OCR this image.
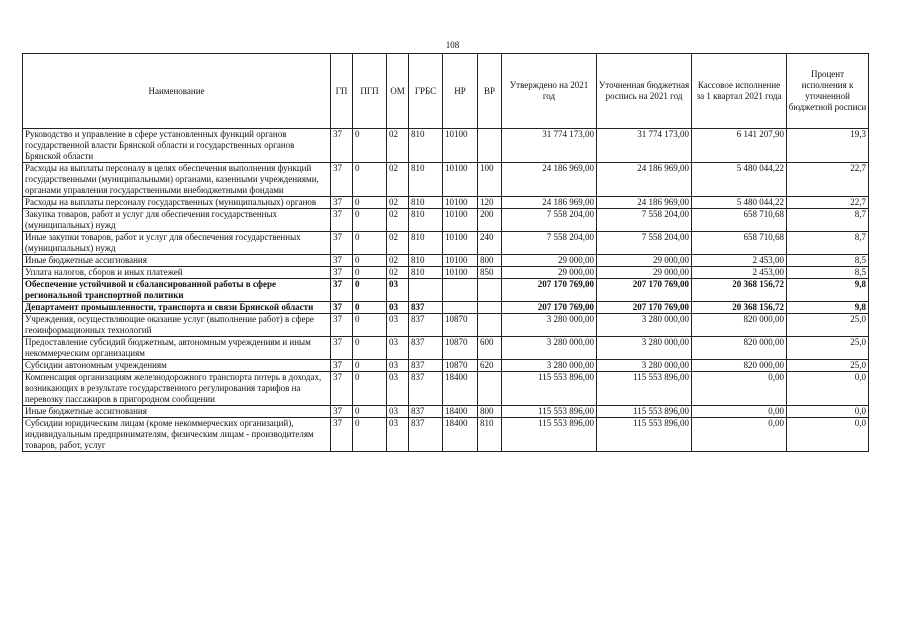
108
Наименование	ГП	ПГП	ОМ	ГРБС	НР	ВР	Утверждено на 2021 год	Уточненная бюджетная роспись на 2021 год	Кассовое исполнение за 1 квартал 2021 года	Процент исполнения к уточненной бюджетной росписи
Руководство и управление в сфере установленных функций органов государственной власти Брянской области и государственных органов Брянской области	37	0	02	810	10100		31 774 173,00	31 774 173,00	6 141 207,90	19,3
Расходы на выплаты персоналу в целях обеспечения выполнения функций государственными (муниципальными) органами, казенными учреждениями, органами управления государственными внебюджетными фондами	37	0	02	810	10100	100	24 186 969,00	24 186 969,00	5 480 044,22	22,7
Расходы на выплаты персоналу государственных (муниципальных) органов	37	0	02	810	10100	120	24 186 969,00	24 186 969,00	5 480 044,22	22,7
Закупка товаров, работ и услуг для обеспечения государственных (муниципальных) нужд	37	0	02	810	10100	200	7 558 204,00	7 558 204,00	658 710,68	8,7
Иные закупки товаров, работ и услуг для обеспечения государственных (муниципальных) нужд	37	0	02	810	10100	240	7 558 204,00	7 558 204,00	658 710,68	8,7
Иные бюджетные ассигнования	37	0	02	810	10100	800	29 000,00	29 000,00	2 453,00	8,5
Уплата налогов, сборов и иных платежей	37	0	02	810	10100	850	29 000,00	29 000,00	2 453,00	8,5
Обеспечение устойчивой и сбалансированной работы в сфере региональной транспортной политики	37	0	03				207 170 769,00	207 170 769,00	20 368 156,72	9,8
Департамент промышленности, транспорта и связи Брянской области	37	0	03	837			207 170 769,00	207 170 769,00	20 368 156,72	9,8
Учреждения, осуществляющие оказание услуг (выполнение работ) в сфере геоинформационных технологий	37	0	03	837	10870		3 280 000,00	3 280 000,00	820 000,00	25,0
Предоставление субсидий бюджетным, автономным учреждениям и иным некоммерческим организациям	37	0	03	837	10870	600	3 280 000,00	3 280 000,00	820 000,00	25,0
Субсидии автономным учреждениям	37	0	03	837	10870	620	3 280 000,00	3 280 000,00	820 000,00	25,0
Компенсация организациям железнодорожного транспорта потерь в доходах, возникающих в результате государственного регулирования тарифов на перевозку пассажиров в пригородном сообщении	37	0	03	837	18400		115 553 896,00	115 553 896,00	0,00	0,0
Иные бюджетные ассигнования	37	0	03	837	18400	800	115 553 896,00	115 553 896,00	0,00	0,0
Субсидии юридическим лицам (кроме некоммерческих организаций), индивидуальным предпринимателям, физическим лицам - производителям товаров, работ, услуг	37	0	03	837	18400	810	115 553 896,00	115 553 896,00	0,00	0,0
